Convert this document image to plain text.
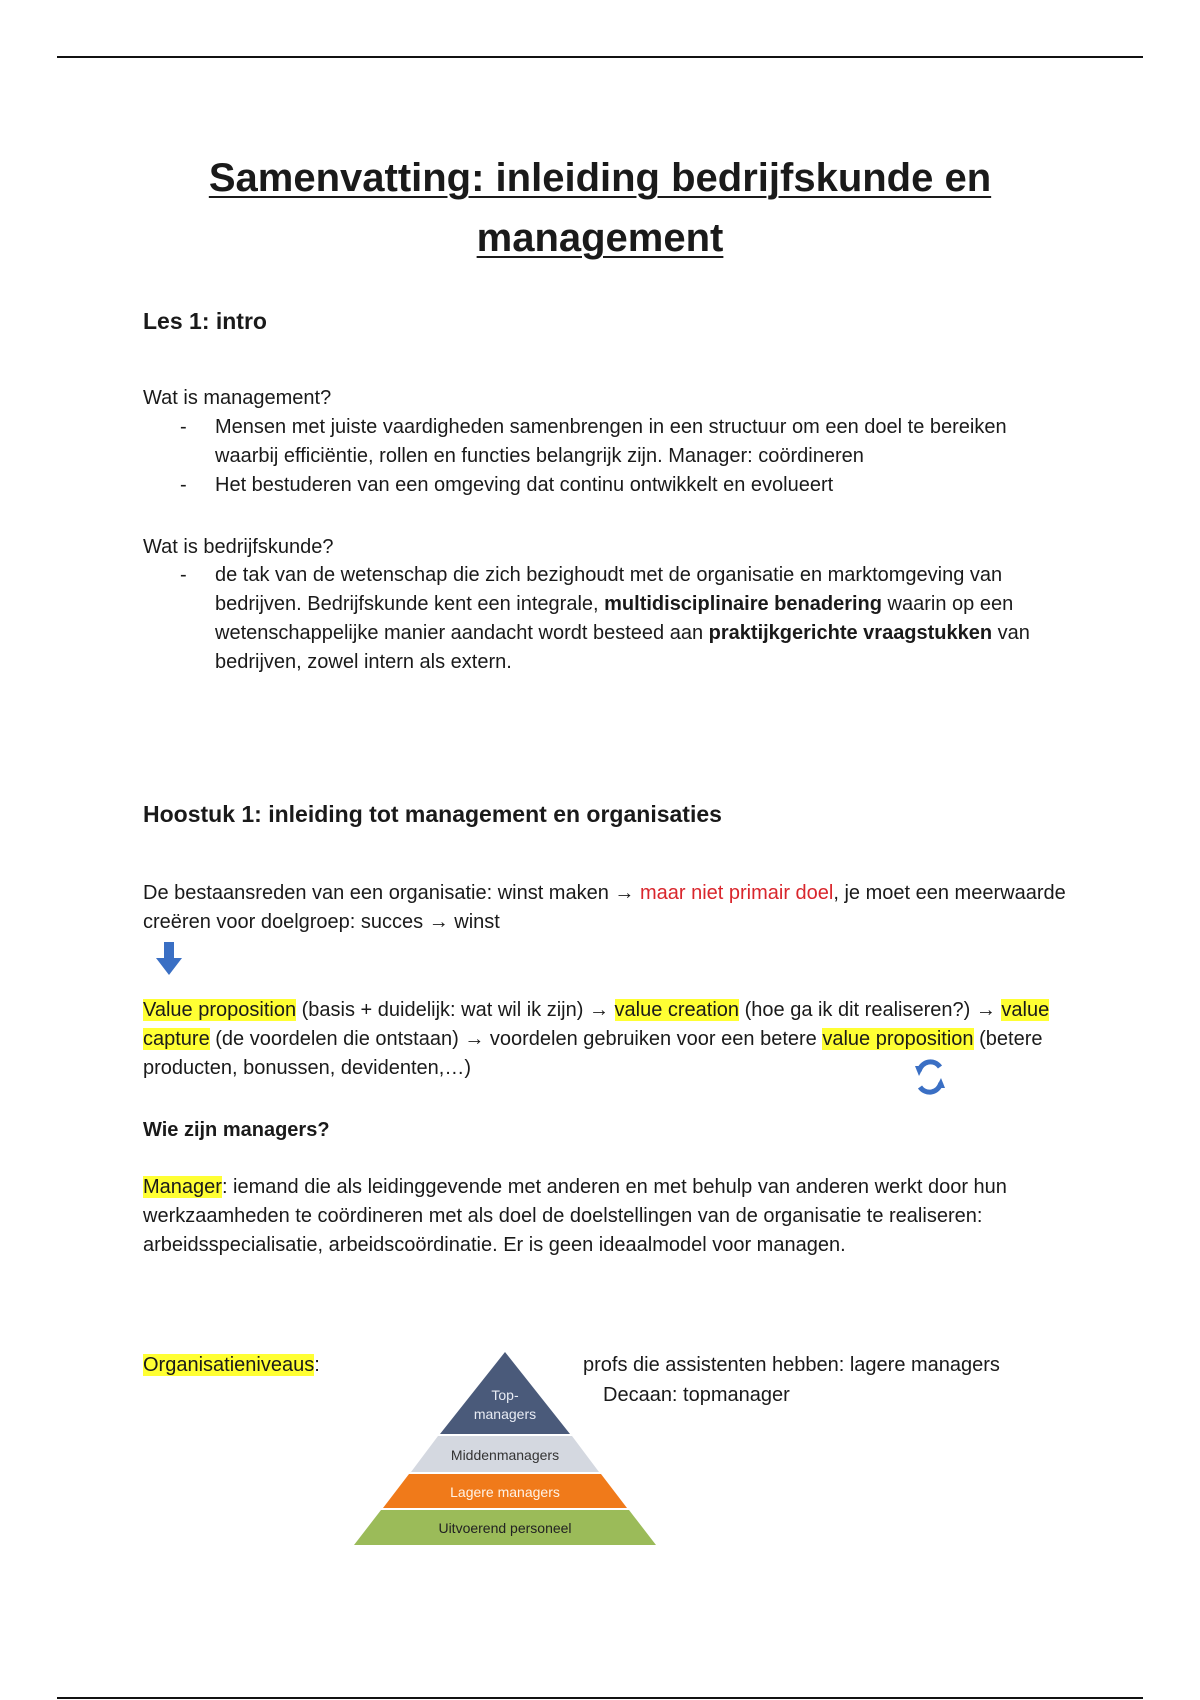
Samenvatting: inleiding bedrijfskunde en
management
Les 1: intro

Wat is management?

- Mensen met juiste vaardigheden samenbrengen in een structuur om een doel te bereiken waarbij efficiëntie, rollen en functies belangrijk zijn. Manager: coördineren
- Het bestuderen van een omgeving dat continu ontwikkelt en evolueert

Wat is bedrijfskunde?

- de tak van de wetenschap die zich bezighoudt met de organisatie en marktomgeving van bedrijven. Bedrijfskunde kent een integrale, multidisciplinaire benadering waarin op een wetenschappelijke manier aandacht wordt besteed aan praktijkgerichte vraagstukken van bedrijven, zowel intern als extern.
Hoostuk 1: inleiding tot management en organisaties

De bestaansreden van een organisatie: winst maken → maar niet primair doel, je moet een meerwaarde creëren voor doelgroep: succes → winst

Value proposition (basis + duidelijk: wat wil ik zijn) → value creation (hoe ga ik dit realiseren?) → value capture (de voordelen die ontstaan) → voordelen gebruiken voor een betere value proposition (betere producten, bonussen, devidenten,…)

Wie zijn managers?

Manager: iemand die als leidinggevende met anderen en met behulp van anderen werkt door hun werkzaamheden te coördineren met als doel de doelstellingen van de organisatie te realiseren: arbeidsspecialisatie, arbeidscoördinatie. Er is geen ideaalmodel voor managen.

Organisatieniveaus:

Top-
managers
Middenmanagers
Lagere managers
Uitvoerend personeel
profs die assistenten hebben: lagere managers
Decaan: topmanager
